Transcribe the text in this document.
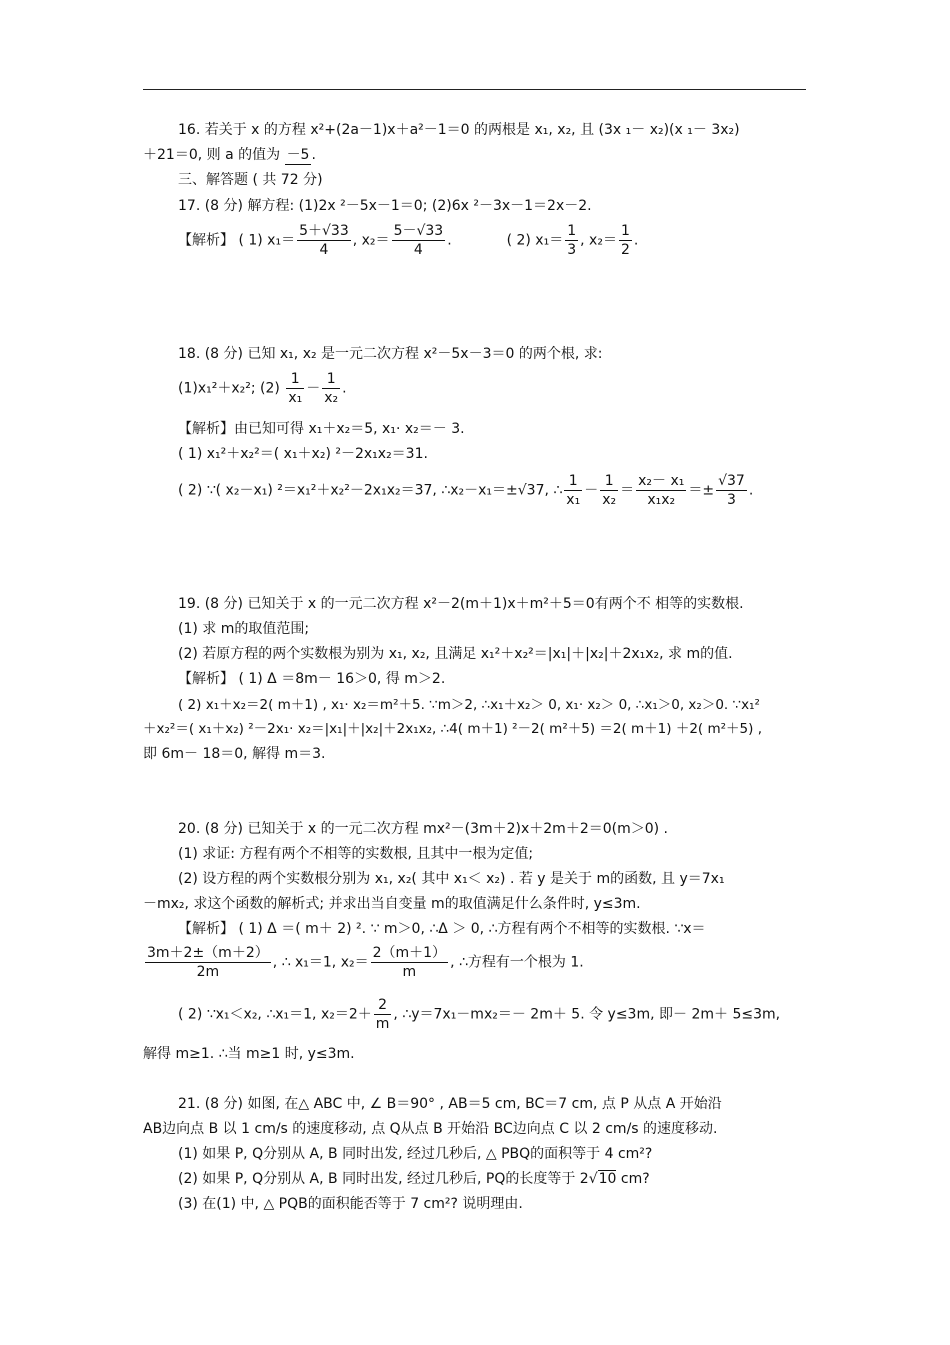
16. 若关于 x 的方程 x²+(2a－1)x＋a²－1＝0 的两根是 x₁, x₂, 且 (3x ₁－ x₂)(x ₁－ 3x₂)
＋21＝0, 则 a 的值为 －5 .
三、解答题 ( 共 72 分)
17. (8 分) 解方程: (1)2x ²－5x－1＝0; (2)6x ²－3x－1＝2x－2.
【解析】 ( 1) $x_1= \frac{5+√33}{4}$ , $x_2= \frac{5-√33}{4}$ .	( 2) $x_1= \frac{1}{3}$ , $x_2= \frac{1}{2}$ .
18. (8 分) 已知 x₁, x₂ 是一元二次方程 x²－5x－3＝0 的两个根, 求:
(1)x₁²＋x₂²; $(2) \frac{1}{\text{x₁}} - \frac{1}{\text{x₂}}$ .
【解析】由已知可得 x₁＋x₂＝5, x₁· x₂＝－ 3.
( 1) x₁²＋x₂²＝( x₁＋x₂) ²－2x₁x₂＝31.
( 2) ∵( x₂－x₁) ²＝x₁²＋x₂²－2x₁x₂＝37, ∴x₂－x₁＝±√37, ∴ $\frac{1}{\text{x₁}} - \frac{1}{\text{x₂}} = \frac{\text{x₂－ x₁}}{\text{x₁x₂}} =\pm \frac{√37}{3}$ .
19. (8 分) 已知关于 x 的一元二次方程 x²－2(m＋1)x＋m²＋5＝0有两个不 相等的实数根.
(1) 求 m的取值范围;
(2) 若原方程的两个实数根为别为 x₁, x₂, 且满足 x₁²＋x₂²＝|x₁|＋|x₂|＋2x₁x₂, 求 m的值.
【解析】 ( 1) Δ ＝8m－ 16＞0, 得 m＞2.
( 2) x₁＋x₂＝2( m＋1) , x₁· x₂＝m²＋5. ∵m＞2, ∴x₁＋x₂＞ 0, x₁· x₂＞ 0, ∴x₁＞0, x₂＞0. ∵x₁²
＋x₂²＝( x₁＋x₂) ²－2x₁· x₂＝|x₁|＋|x₂|＋2x₁x₂, ∴4( m＋1) ²－2( m²＋5) ＝2( m＋1) ＋2( m²＋5) ,
即 6m－ 18＝0, 解得 m＝3.
20. (8 分) 已知关于 x 的一元二次方程 mx²－(3m＋2)x＋2m＋2＝0(m＞0) .
(1) 求证: 方程有两个不相等的实数根, 且其中一根为定值;
(2) 设方程的两个实数根分别为 x₁, x₂( 其中 x₁＜ x₂) . 若 y 是关于 m的函数, 且 y＝7x₁
－mx₂, 求这个函数的解析式; 并求出当自变量 m的取值满足什么条件时, y≤3m.
【解析】 ( 1) Δ ＝( m＋ 2) ². ∵ m＞0, ∴Δ ＞ 0, ∴方程有两个不相等的实数根. ∵x＝
$\frac{3m+2\pm(m+2)}{2m}$ , ∴ x₁＝1, $x_2= \frac{2(m+1)}{m}$ , ∴方程有一个根为 1.
( 2) ∵x₁＜x₂, ∴x₁＝1, $x_2=2+ \frac{2}{m}$ , ∴y＝7x₁－mx₂＝－ 2m＋ 5. 令 y≤3m, 即－ 2m＋ 5≤3m,
解得 m≥1. ∴当 m≥1 时, y≤3m.
21. (8 分) 如图, 在△ ABC 中, ∠ B＝90° , AB＝5 cm, BC＝7 cm, 点 P 从点 A 开始沿
AB边向点 B 以 1 cm/s 的速度移动, 点 Q从点 B 开始沿 BC边向点 C 以 2 cm/s 的速度移动.
(1) 如果 P, Q分别从 A, B 同时出发, 经过几秒后, △ PBQ的面积等于 4 cm²?
(2) 如果 P, Q分别从 A, B 同时出发, 经过几秒后, PQ的长度等于 2√ 10 cm?
(3) 在(1) 中, △ PQB的面积能否等于 7 cm²? 说明理由.
